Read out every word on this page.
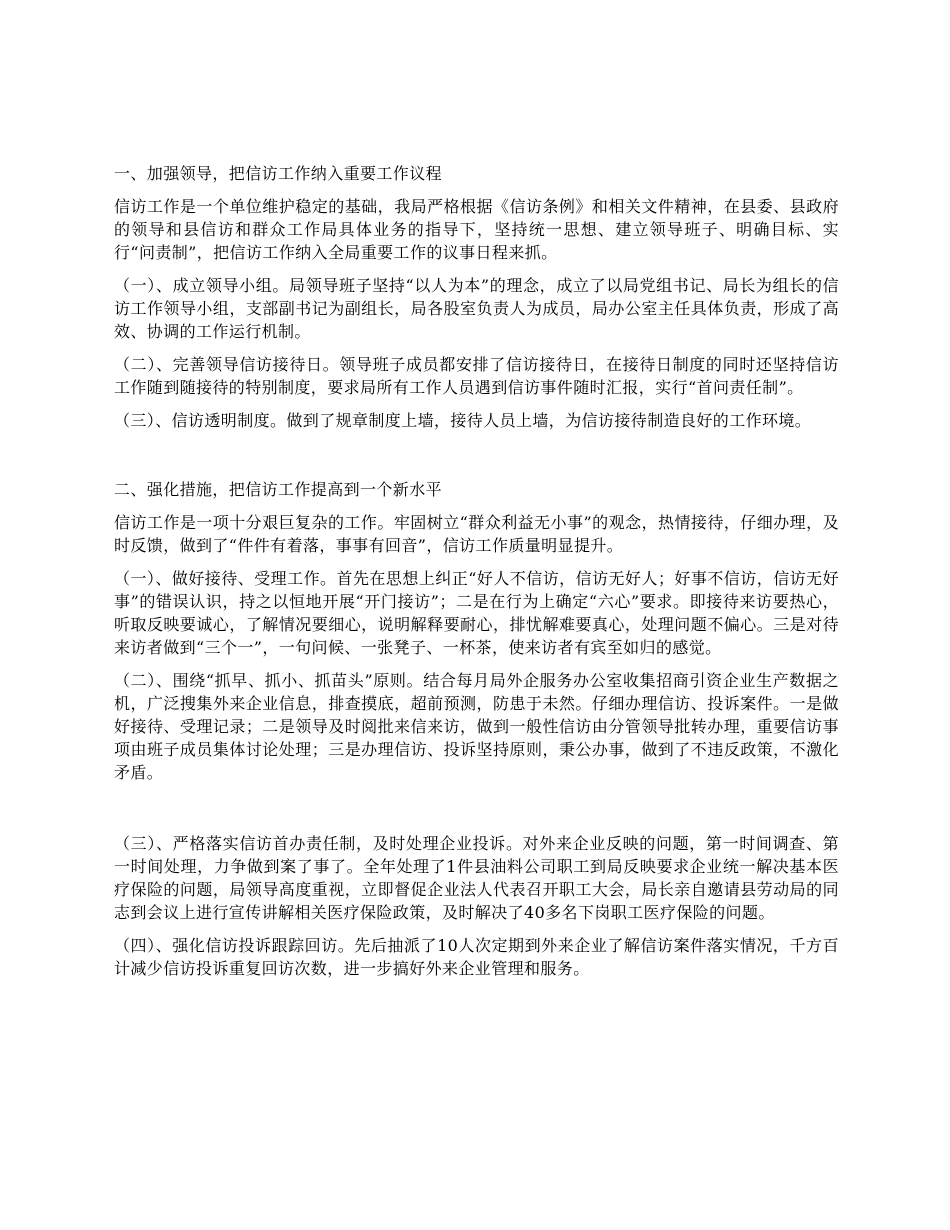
一、加强领导，把信访工作纳入重要工作议程

信访工作是一个单位维护稳定的基础，我局严格根据《信访条例》和相关文件精神，在县委、县政府的领导和县信访和群众工作局具体业务的指导下，坚持统一思想、建立领导班子、明确目标、实行“问责制”，把信访工作纳入全局重要工作的议事日程来抓。

（一）、成立领导小组。局领导班子坚持“以人为本”的理念，成立了以局党组书记、局长为组长的信访工作领导小组，支部副书记为副组长，局各股室负责人为成员，局办公室主任具体负责，形成了高效、协调的工作运行机制。

（二）、完善领导信访接待日。领导班子成员都安排了信访接待日，在接待日制度的同时还坚持信访工作随到随接待的特别制度，要求局所有工作人员遇到信访事件随时汇报，实行“首问责任制”。

（三）、信访透明制度。做到了规章制度上墙，接待人员上墙，为信访接待制造良好的工作环境。

二、强化措施，把信访工作提高到一个新水平

信访工作是一项十分艰巨复杂的工作。牢固树立“群众利益无小事”的观念，热情接待，仔细办理，及时反馈，做到了“件件有着落，事事有回音”，信访工作质量明显提升。

（一）、做好接待、受理工作。首先在思想上纠正“好人不信访，信访无好人；好事不信访，信访无好事”的错误认识，持之以恒地开展“开门接访”；二是在行为上确定“六心”要求。即接待来访要热心，听取反映要诚心，了解情况要细心，说明解释要耐心，排忧解难要真心，处理问题不偏心。三是对待来访者做到“三个一”，一句问候、一张凳子、一杯茶，使来访者有宾至如归的感觉。

（二）、围绕“抓早、抓小、抓苗头”原则。结合每月局外企服务办公室收集招商引资企业生产数据之机，广泛搜集外来企业信息，排查摸底，超前预测，防患于未然。仔细办理信访、投诉案件。一是做好接待、受理记录；二是领导及时阅批来信来访，做到一般性信访由分管领导批转办理，重要信访事项由班子成员集体讨论处理；三是办理信访、投诉坚持原则，秉公办事，做到了不违反政策，不激化矛盾。

（三）、严格落实信访首办责任制，及时处理企业投诉。对外来企业反映的问题，第一时间调查、第一时间处理，力争做到案了事了。全年处理了1件县油料公司职工到局反映要求企业统一解决基本医疗保险的问题，局领导高度重视，立即督促企业法人代表召开职工大会，局长亲自邀请县劳动局的同志到会议上进行宣传讲解相关医疗保险政策，及时解决了40多名下岗职工医疗保险的问题。

（四）、强化信访投诉跟踪回访。先后抽派了10人次定期到外来企业了解信访案件落实情况，千方百计减少信访投诉重复回访次数，进一步搞好外来企业管理和服务。
